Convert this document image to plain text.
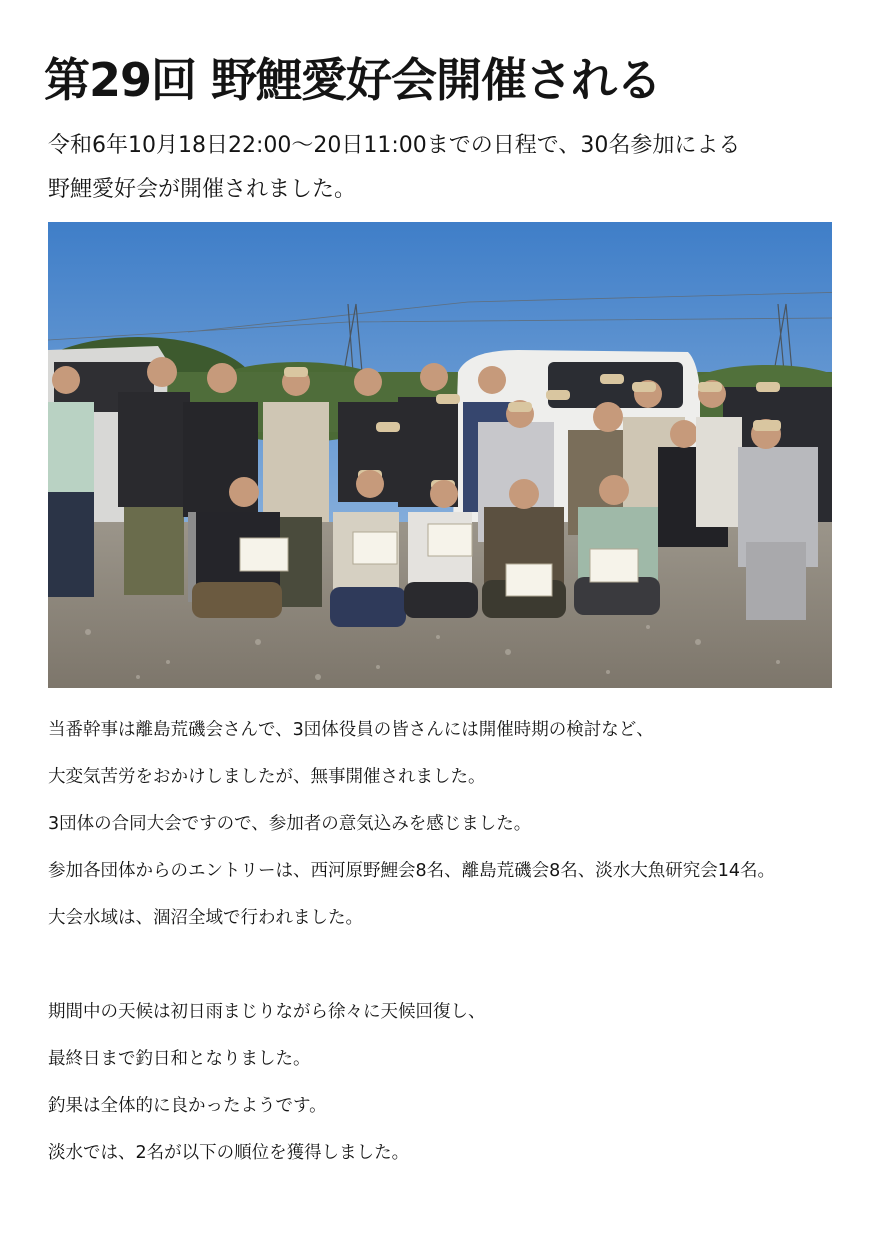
第29回 野鯉愛好会開催される

令和6年10月18日22:00～20日11:00までの日程で、30名参加による

野鯉愛好会が開催されました。

当番幹事は離島荒磯会さんで、3団体役員の皆さんには開催時期の検討など、

大変気苦労をおかけしましたが、無事開催されました。

3団体の合同大会ですので、参加者の意気込みを感じました。

参加各団体からのエントリーは、西河原野鯉会8名、離島荒磯会8名、淡水大魚研究会14名。

大会水域は、涸沼全域で行われました。

期間中の天候は初日雨まじりながら徐々に天候回復し、

最終日まで釣日和となりました。

釣果は全体的に良かったようです。

淡水では、2名が以下の順位を獲得しました。
